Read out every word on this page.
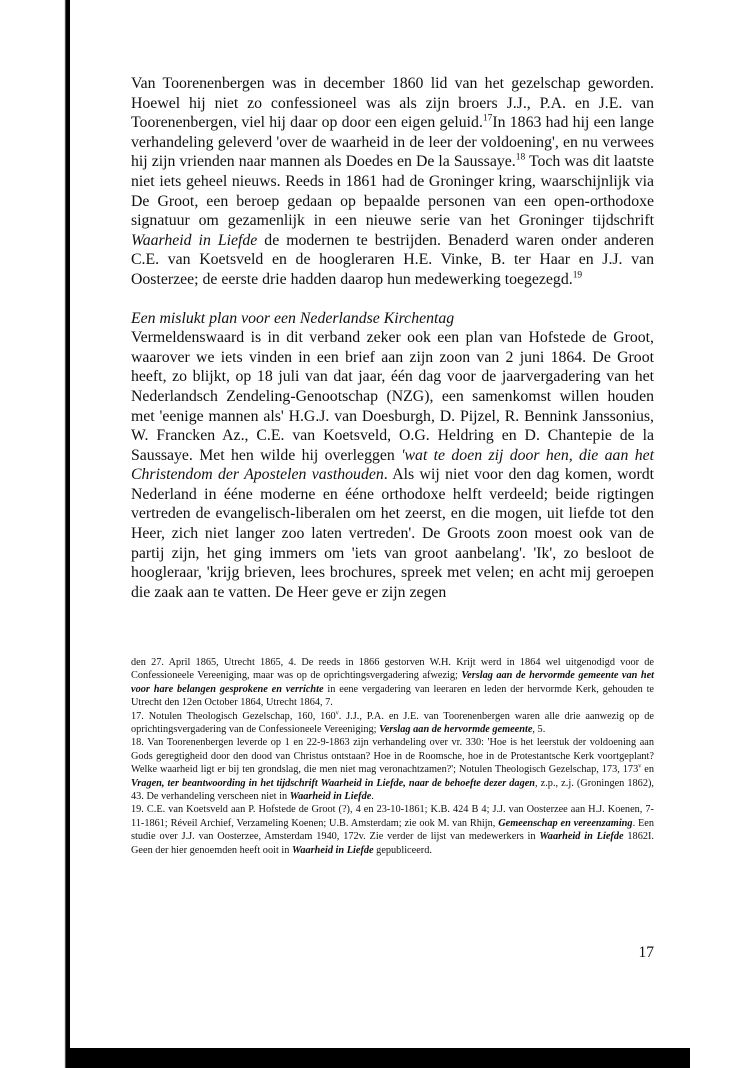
Van Toorenenbergen was in december 1860 lid van het gezelschap geworden. Hoewel hij niet zo confessioneel was als zijn broers J.J., P.A. en J.E. van Toorenenbergen, viel hij daar op door een eigen geluid.$^{17}$In 1863 had hij een lange verhandeling geleverd 'over de waarheid in de leer der voldoening', en nu verwees hij zijn vrienden naar mannen als Doedes en De la Saussaye.$^{18}$ Toch was dit laatste niet iets geheel nieuws. Reeds in 1861 had de Groninger kring, waarschijnlijk via De Groot, een beroep gedaan op bepaalde personen van een open-orthodoxe signatuur om gezamenlijk in een nieuwe serie van het Groninger tijdschrift Waarheid in Liefde de modernen te bestrijden. Benaderd waren onder anderen C.E. van Koetsveld en de hoogleraren H.E. Vinke, B. ter Haar en J.J. van Oosterzee; de eerste drie hadden daarop hun medewerking toegezegd.$^{19}$

Een mislukt plan voor een Nederlandse Kirchentag

Vermeldenswaard is in dit verband zeker ook een plan van Hofstede de Groot, waarover we iets vinden in een brief aan zijn zoon van 2 juni 1864. De Groot heeft, zo blijkt, op 18 juli van dat jaar, één dag voor de jaarvergadering van het Nederlandsch Zendeling-Genootschap (NZG), een samenkomst willen houden met 'eenige mannen als' H.G.J. van Doesburgh, D. Pijzel, R. Bennink Janssonius, W. Francken Az., C.E. van Koetsveld, O.G. Heldring en D. Chantepie de la Saussaye. Met hen wilde hij overleggen 'wat te doen zij door hen, die aan het Christendom der Apostelen vasthouden. Als wij niet voor den dag komen, wordt Nederland in ééne moderne en ééne orthodoxe helft verdeeld; beide rigtingen vertreden de evangelisch-liberalen om het zeerst, en die mogen, uit liefde tot den Heer, zich niet langer zoo laten vertreden'. De Groots zoon moest ook van de partij zijn, het ging immers om 'iets van groot aanbelang'. 'Ik', zo besloot de hoogleraar, 'krijg brieven, lees brochures, spreek met velen; en acht mij geroepen die zaak aan te vatten. De Heer geve er zijn zegen

den 27. April 1865, Utrecht 1865, 4. De reeds in 1866 gestorven W.H. Krijt werd in 1864 wel uitgenodigd voor de Confessioneele Vereeniging, maar was op de oprichtingsvergadering afwezig; Verslag aan de hervormde gemeente van het voor hare belangen gesprokene en verrichte in eene vergadering van leeraren en leden der hervormde Kerk, gehouden te Utrecht den 12en October 1864, Utrecht 1864, 7.

17. Notulen Theologisch Gezelschap, 160, 160$^v$. J.J., P.A. en J.E. van Toorenenbergen waren alle drie aanwezig op de oprichtingsvergadering van de Confessioneele Vereeniging; Verslag aan de hervormde gemeente, 5.

18. Van Toorenenbergen leverde op 1 en 22-9-1863 zijn verhandeling over vr. 330: 'Hoe is het leerstuk der voldoening aan Gods geregtigheid door den dood van Christus ontstaan? Hoe in de Roomsche, hoe in de Protestantsche Kerk voortgeplant? Welke waarheid ligt er bij ten grondslag, die men niet mag veronachtzamen?'; Notulen Theologisch Gezelschap, 173, 173$^v$ en Vragen, ter beantwoording in het tijdschrift Waarheid in Liefde, naar de behoefte dezer dagen, z.p., z.j. (Groningen 1862), 43. De verhandeling verscheen niet in Waarheid in Liefde.

19. C.E. van Koetsveld aan P. Hofstede de Groot (?), 4 en 23-10-1861; K.B. 424 B 4; J.J. van Oosterzee aan H.J. Koenen, 7-11-1861; Réveil Archief, Verzameling Koenen; U.B. Amsterdam; zie ook M. van Rhijn, Gemeenschap en vereenzaming. Een studie over J.J. van Oosterzee, Amsterdam 1940, 172v. Zie verder de lijst van medewerkers in Waarheid in Liefde 1862I. Geen der hier genoemden heeft ooit in Waarheid in Liefde gepubliceerd.

17
